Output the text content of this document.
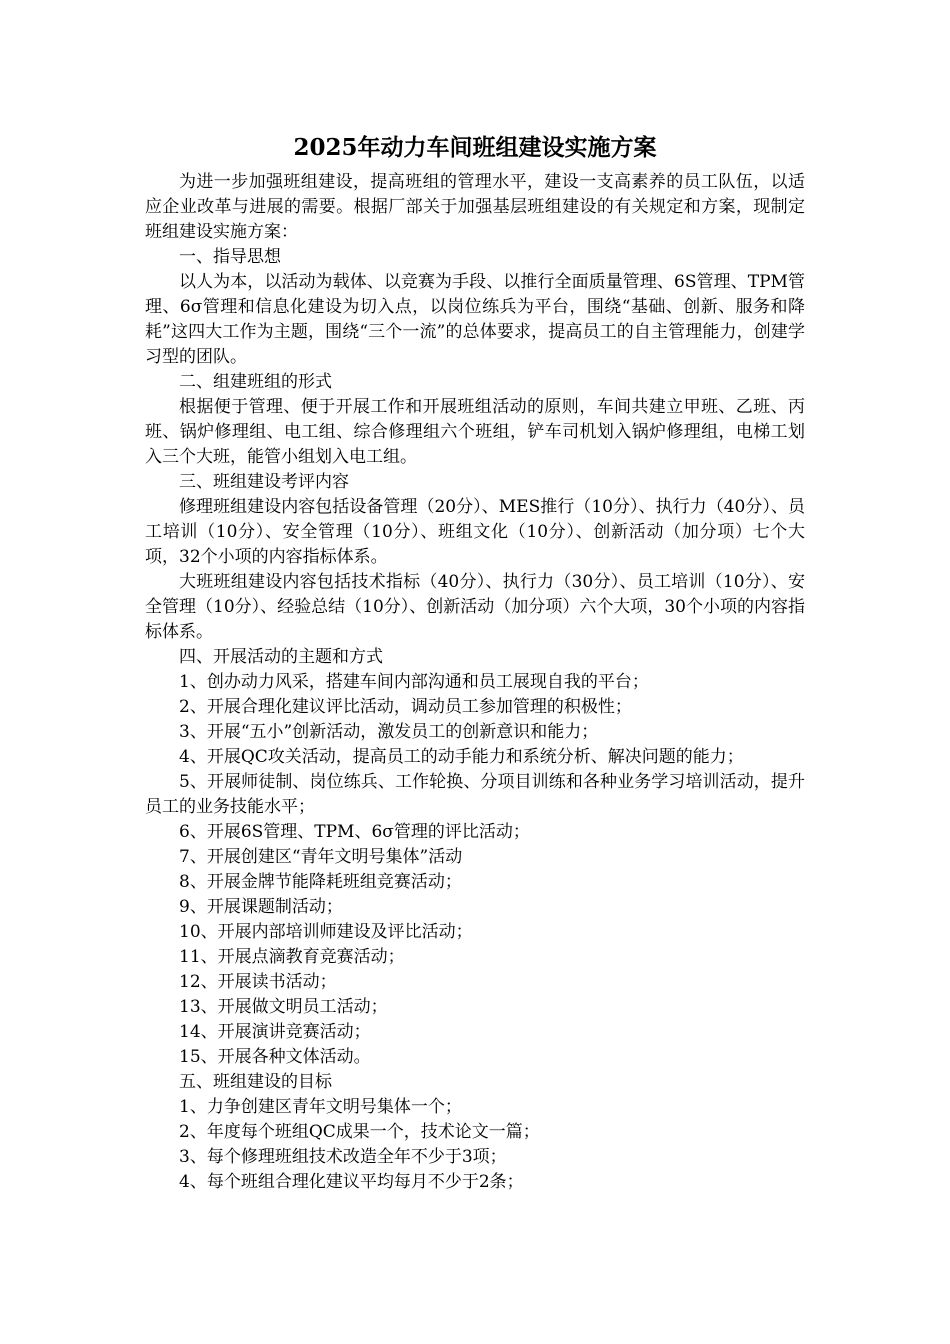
2025年动力车间班组建设实施方案

为进一步加强班组建设，提高班组的管理水平，建设一支高素养的员工队伍，以适应企业改革与进展的需要。根据厂部关于加强基层班组建设的有关规定和方案，现制定班组建设实施方案：

一、指导思想

以人为本，以活动为载体、以竞赛为手段、以推行全面质量管理、6S管理、TPM管理、6σ管理和信息化建设为切入点，以岗位练兵为平台，围绕“基础、创新、服务和降耗”这四大工作为主题，围绕“三个一流”的总体要求，提高员工的自主管理能力，创建学习型的团队。

二、组建班组的形式

根据便于管理、便于开展工作和开展班组活动的原则，车间共建立甲班、乙班、丙班、锅炉修理组、电工组、综合修理组六个班组，铲车司机划入锅炉修理组，电梯工划入三个大班，能管小组划入电工组。

三、班组建设考评内容

修理班组建设内容包括设备管理（20分）、MES推行（10分）、执行力（40分）、员工培训（10分）、安全管理（10分）、班组文化（10分）、创新活动（加分项）七个大项，32个小项的内容指标体系。

大班班组建设内容包括技术指标（40分）、执行力（30分）、员工培训（10分）、安全管理（10分）、经验总结（10分）、创新活动（加分项）六个大项，30个小项的内容指标体系。

四、开展活动的主题和方式

1、创办动力风采，搭建车间内部沟通和员工展现自我的平台；

2、开展合理化建议评比活动，调动员工参加管理的积极性；

3、开展“五小”创新活动，激发员工的创新意识和能力；

4、开展QC攻关活动，提高员工的动手能力和系统分析、解决问题的能力；

5、开展师徒制、岗位练兵、工作轮换、分项目训练和各种业务学习培训活动，提升员工的业务技能水平；

6、开展6S管理、TPM、6σ管理的评比活动；

7、开展创建区“青年文明号集体”活动

8、开展金牌节能降耗班组竞赛活动；

9、开展课题制活动；

10、开展内部培训师建设及评比活动；

11、开展点滴教育竞赛活动；

12、开展读书活动；

13、开展做文明员工活动；

14、开展演讲竞赛活动；

15、开展各种文体活动。

五、班组建设的目标

1、力争创建区青年文明号集体一个；

2、年度每个班组QC成果一个，技术论文一篇；

3、每个修理班组技术改造全年不少于3项；

4、每个班组合理化建议平均每月不少于2条；
